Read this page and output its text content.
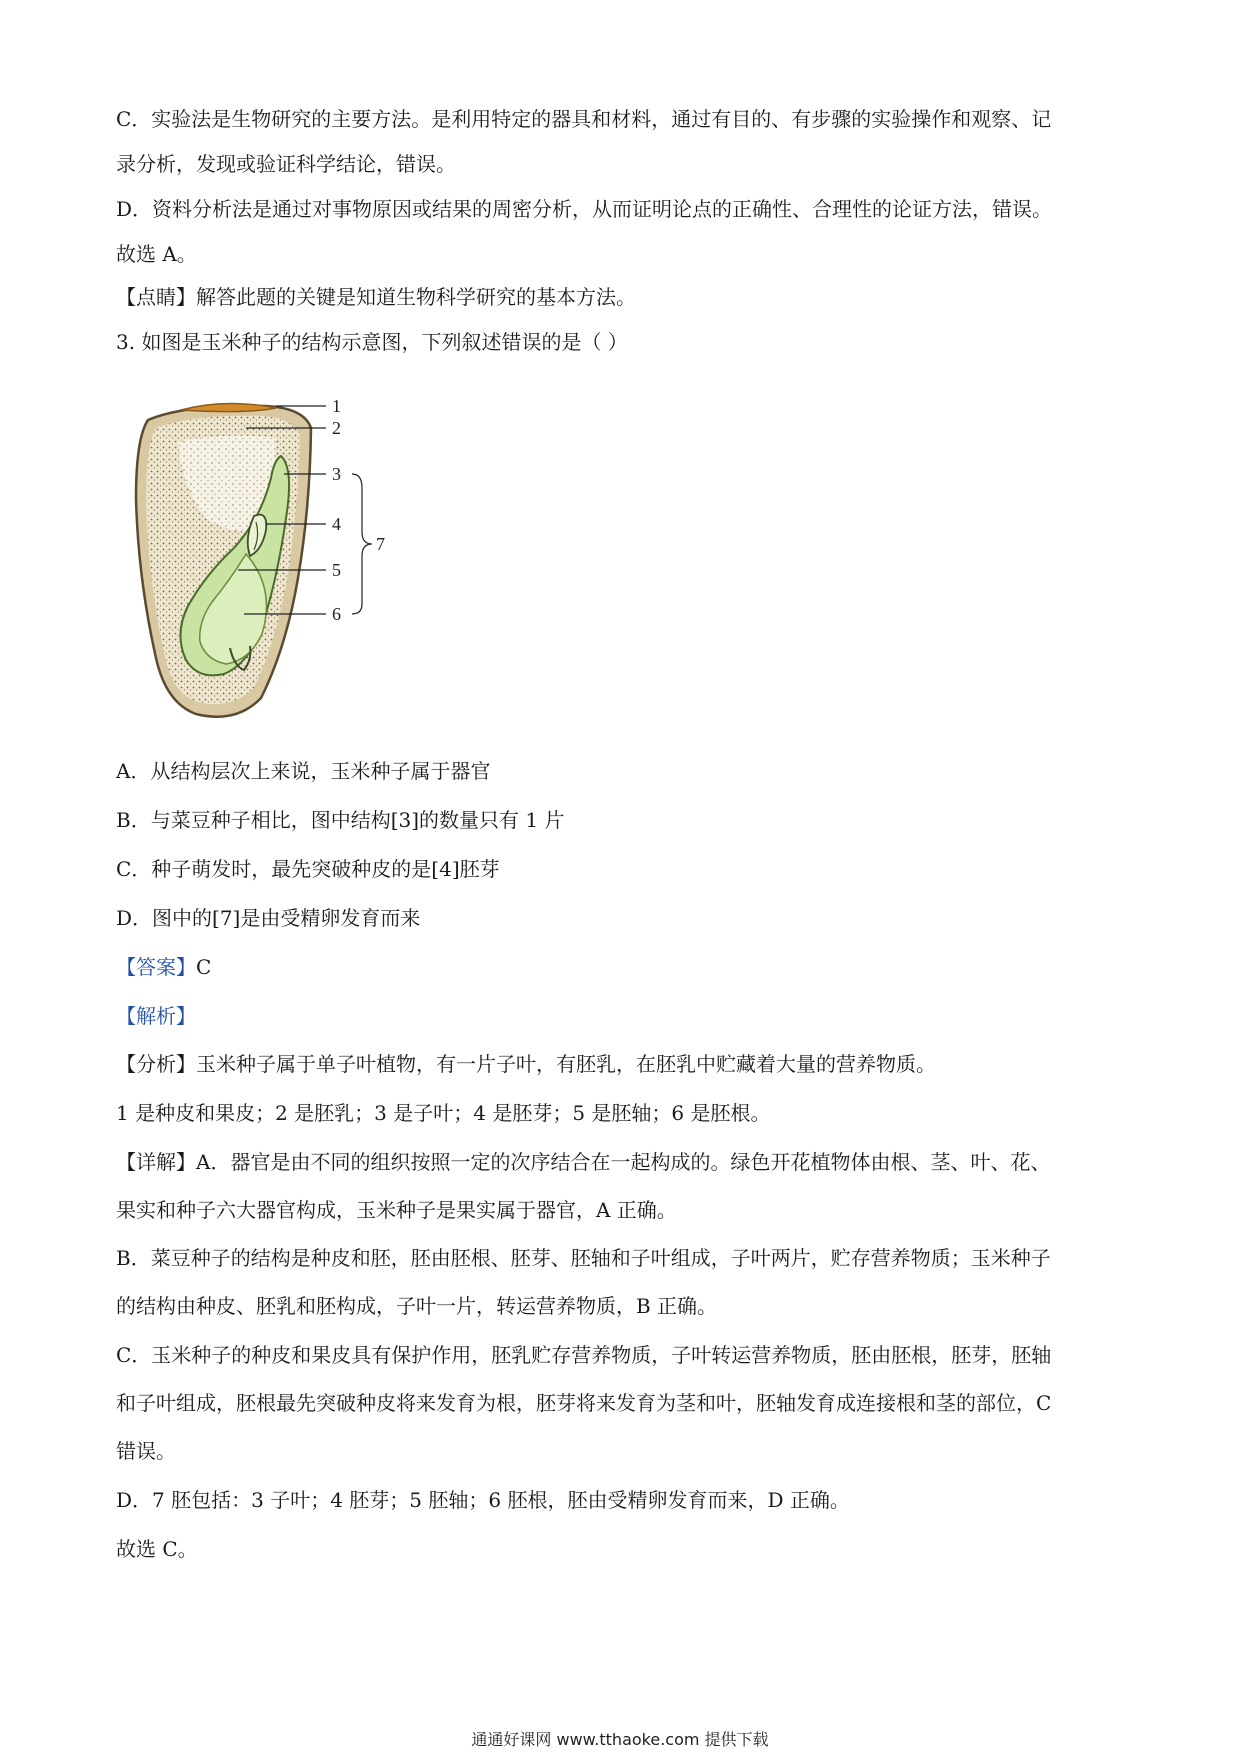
C．实验法是生物研究的主要方法。是利用特定的器具和材料，通过有目的、有步骤的实验操作和观察、记
录分析，发现或验证科学结论，错误。
D．资料分析法是通过对事物原因或结果的周密分析，从而证明论点的正确性、合理性的论证方法，错误。
故选 A。
【点睛】解答此题的关键是知道生物科学研究的基本方法。
3. 如图是玉米种子的结构示意图，下列叙述错误的是（ ）
1
2
3
4
5
6
7
A．从结构层次上来说，玉米种子属于器官
B．与菜豆种子相比，图中结构[3]的数量只有 1 片
C．种子萌发时，最先突破种皮的是[4]胚芽
D．图中的[7]是由受精卵发育而来
【答案】C
【解析】
【分析】玉米种子属于单子叶植物，有一片子叶，有胚乳，在胚乳中贮藏着大量的营养物质。
1 是种皮和果皮；2 是胚乳；3 是子叶；4 是胚芽；5 是胚轴；6 是胚根。
【详解】A．器官是由不同的组织按照一定的次序结合在一起构成的。绿色开花植物体由根、茎、叶、花、
果实和种子六大器官构成，玉米种子是果实属于器官，A 正确。
B．菜豆种子的结构是种皮和胚，胚由胚根、胚芽、胚轴和子叶组成，子叶两片，贮存营养物质；玉米种子
的结构由种皮、胚乳和胚构成，子叶一片，转运营养物质，B 正确。
C．玉米种子的种皮和果皮具有保护作用，胚乳贮存营养物质，子叶转运营养物质，胚由胚根，胚芽，胚轴
和子叶组成，胚根最先突破种皮将来发育为根，胚芽将来发育为茎和叶，胚轴发育成连接根和茎的部位，C
错误。
D．7 胚包括：3 子叶；4 胚芽；5 胚轴；6 胚根，胚由受精卵发育而来，D 正确。
故选 C。
通通好课网 www.tthaoke.com 提供下载
